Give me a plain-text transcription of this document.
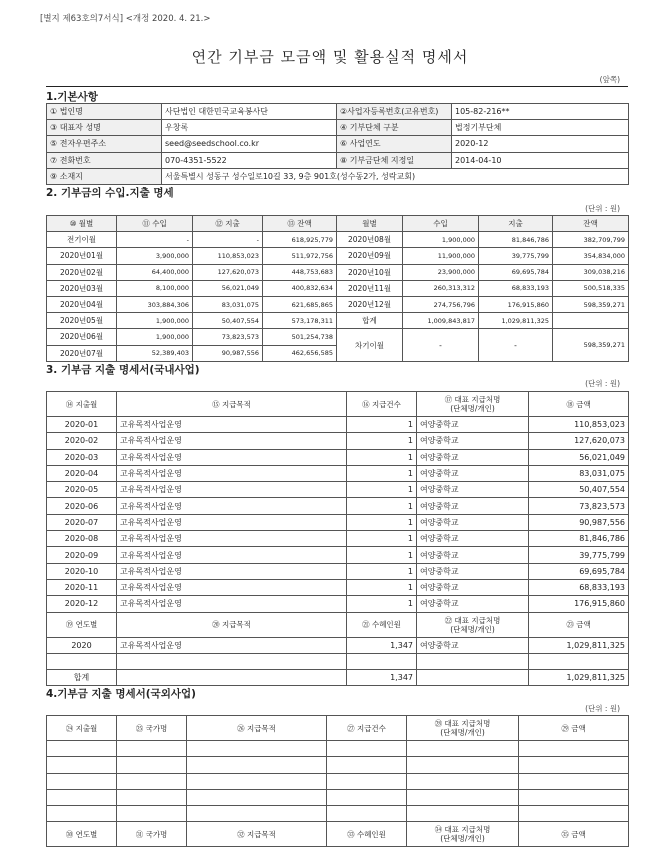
[별지 제63호의7서식] <개정 2020. 4. 21.>
연간 기부금 모금액 및 활용실적 명세서
(앞쪽)
1.기본사항
① 법인명	사단법인 대한민국교육봉사단	②사업자등록번호(고유번호)	105-82-216**
③ 대표자 성명	우창록	④ 기부단체 구분	법정기부단체
⑤ 전자우편주소	seed@seedschool.co.kr	⑥ 사업연도	2020-12
⑦ 전화번호	070-4351-5522	⑧ 기부금단체 지정일	2014-04-10
⑨ 소재지	서울특별시 성동구 성수일로10길 33, 9층 901호(성수동2가, 성락교회)		
2. 기부금의 수입.지출 명세
(단위 : 원)
⑩ 월별	⑪ 수입	⑫ 지출	⑬ 잔액	월별	수입	지출	잔액
전기이월	-	-	618,925,779	2020년08월	1,900,000	81,846,786	382,709,799
2020년01월	3,900,000	110,853,023	511,972,756	2020년09월	11,900,000	39,775,799	354,834,000
2020년02월	64,400,000	127,620,073	448,753,683	2020년10월	23,900,000	69,695,784	309,038,216
2020년03월	8,100,000	56,021,049	400,832,634	2020년11월	260,313,312	68,833,193	500,518,335
2020년04월	303,884,306	83,031,075	621,685,865	2020년12월	274,756,796	176,915,860	598,359,271
2020년05월	1,900,000	50,407,554	573,178,311	합계	1,009,843,817	1,029,811,325	
2020년06월	1,900,000	73,823,573	501,254,738	차기이월	-	-	598,359,271
2020년07월	52,389,403	90,987,556	462,656,585				
3. 기부금 지출 명세서(국내사업)
(단위 : 원)
⑭ 지출월	⑮ 지급목적	⑯ 지급건수	⑰ 대표 지급처명
(단체명/개인)	⑱ 금액
2020-01	고유목적사업운영	1	여양중학교	110,853,023
2020-02	고유목적사업운영	1	여양중학교	127,620,073
2020-03	고유목적사업운영	1	여양중학교	56,021,049
2020-04	고유목적사업운영	1	여양중학교	83,031,075
2020-05	고유목적사업운영	1	여양중학교	50,407,554
2020-06	고유목적사업운영	1	여양중학교	73,823,573
2020-07	고유목적사업운영	1	여양중학교	90,987,556
2020-08	고유목적사업운영	1	여양중학교	81,846,786
2020-09	고유목적사업운영	1	여양중학교	39,775,799
2020-10	고유목적사업운영	1	여양중학교	69,695,784
2020-11	고유목적사업운영	1	여양중학교	68,833,193
2020-12	고유목적사업운영	1	여양중학교	176,915,860
⑲ 연도별	⑳ 지급목적	㉑ 수혜인원	㉒ 대표 지급처명
(단체명/개인)	㉓ 금액
2020	고유목적사업운영	1,347	여양중학교	1,029,811,325

합계		1,347		1,029,811,325
4.기부금 지출 명세서(국외사업)
(단위 : 원)
㉔ 지출월	㉕ 국가명	㉖ 지급목적	㉗ 지급건수	㉘ 대표 지급처명
(단체명/개인)	㉙ 금액

㉚ 연도별	㉛ 국가명	㉜ 지급목적	㉝ 수혜인원	㉞ 대표 지급처명
(단체명/개인)	㉟ 금액
